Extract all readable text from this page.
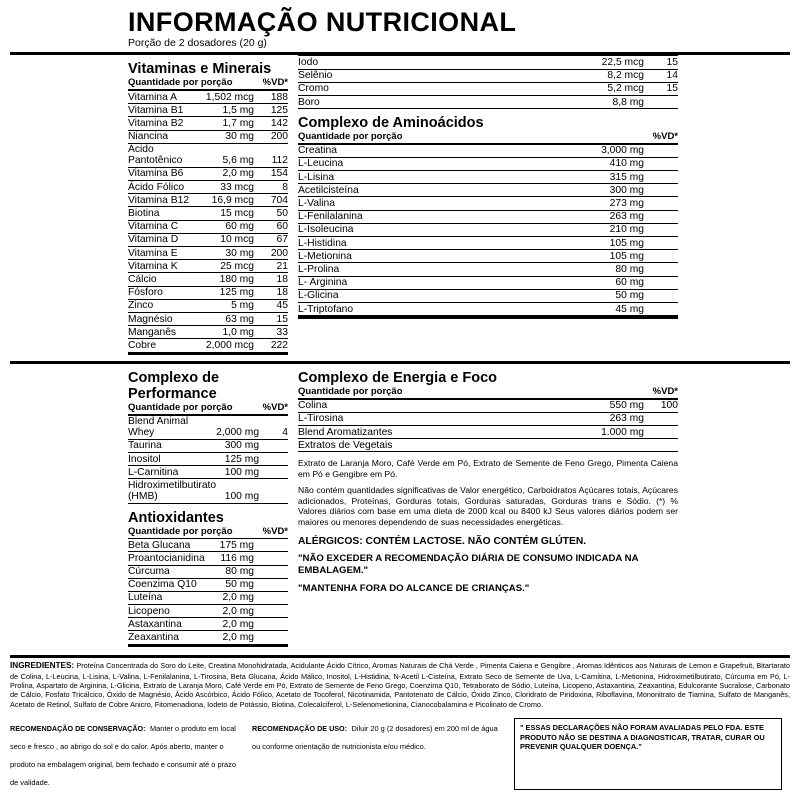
INFORMAÇÃO NUTRICIONAL
Porção de 2 dosadores (20 g)
Vitaminas e Minerais
Quantidade por porção	%VD*
Vitamina A	1,502 mcg	188
Vitamina B1	1,5 mg	125
Vitamina B2	1,7 mg	142
Niancina	30 mg	200
Ácido Pantotênico	5,6 mg	112
Vitamina B6	2,0 mg	154
Ácido Fólico	33 mcg	8
Vitamina B12	16,9 mcg	704
Biotina	15 mcg	50
Vitamina C	60 mg	60
Vitamina D	10 mcg	67
Vitamina E	30 mg	200
Vitamina K	25 mcg	21
Cálcio	180 mg	18
Fósforo	125 mg	18
Zinco	5 mg	45
Magnésio	63 mg	15
Manganês	1,0 mg	33
Cobre	2,000 mcg	222
Iodo	22,5 mcg	15
Selênio	8,2 mcg	14
Cromo	5,2 mcg	15
Boro	8,8 mg	
Complexo de Aminoácidos
Quantidade por porção	%VD*
Creatina	3,000 mg	
L-Leucina	410 mg	
L-Lisina	315 mg	
Acetilcisteína	300 mg	
L-Valina	273 mg	
L-Fenilalanina	263 mg	
L-Isoleucina	210 mg	
L-Histidina	105 mg	
L-Metionina	105 mg	
L-Prolina	80 mg	
L- Arginina	60 mg	
L-Glicina	50 mg	
L-Triptofano	45 mg	
Complexo de Performance
Quantidade por porção	%VD*
Blend Animal Whey	2,000 mg	4
Taurina	300 mg	
Inositol	125 mg	
L-Carnitina	100 mg	
Hidroximetilbutirato (HMB)	100 mg	
Antioxidantes
Quantidade por porção	%VD*
Beta Glucana	175 mg	
Proantocianidina	116 mg	
Cúrcuma	80 mg	
Coenzima Q10	50 mg	
Luteína	2,0 mg	
Licopeno	2,0 mg	
Astaxantina	2,0 mg	
Zeaxantina	2,0 mg	
Complexo de Energia e Foco
Quantidade por porção	%VD*
Colina	550 mg	100
L-Tirosina	263 mg	
Blend Aromatizantes	1.000 mg	
Extratos de Vegetais		
Extrato de Laranja Moro, Café Verde em Pó, Extrato de Semente de Feno Grego, Pimenta Caiena em Pó e Gengibre em Pó.
Não contém quantidades significativas de Valor energético, Carboidratos Açúcares totais, Açúcares adicionados, Proteínas, Gorduras totais, Gorduras saturadas, Gorduras trans e Sódio. (*) % Valores diários com base em uma dieta de 2000 kcal ou 8400 kJ Seus valores diários podem ser maiores ou menores dependendo de suas necessidades energéticas.
ALÉRGICOS: CONTÉM LACTOSE. NÃO CONTÉM GLÚTEN.
"NÃO EXCEDER A RECOMENDAÇÃO DIÁRIA DE CONSUMO INDICADA NA EMBALAGEM."
"MANTENHA FORA DO ALCANCE DE CRIANÇAS."
INGREDIENTES: Proteína Concentrada do Soro do Leite, Creatina Monohidratada, Acidulante Ácido Cítrico, Aromas Naturais de Chá Verde , Pimenta Caiena e Gengibre , Aromas Idênticos aos Naturais de Lemon e Grapefruit, Bitartarato de Colina, L-Leucina, L-Lisina, L-Valina, L-Fenilalanina, L-Tirosina, Beta Glucana, Ácido Málico, Inositol, L-Histidina, N-Acetil L-Cisteína, Extrato Seco de Semente de Uva, L-Carnitina, L-Metionina, Hidroximetilbutirato, Cúrcuma em Pó, L-Prolina, Aspartato de Arginina, L-Glicina, Extrato de Laranja Moro, Café Verde em Pó, Extrato de Semente de Feno Grego, Coenzima Q10, Tetraborato de Sódio, Luteína, Licopeno, Astaxantina, Zeaxantina, Edulcorante Sucralose, Carbonato de Cálcio, Fosfato Tricálcico, Óxido de Magnésio, Ácido Ascórbico, Ácido Fólico, Acetato de Tocoferol, Nicotinamida, Pantotenato de Cálcio, Óxido Zinco, Cloridrato de Piridoxina, Riboflavina, Mononitrato de Tiamina, Sulfato de Manganês, Acetato de Retinol, Sulfato de Cobre Anicro, Fitomenadiona, Iodeto de Potássio, Biotina, Colecalciferol, L-Selenometionina, Cianocobalamina e Picolinato de Cromo.
RECOMENDAÇÃO DE CONSERVAÇÃO: Manter o produto em local seco e fresco , ao abrigo do sol e do calor. Após aberto, manter o produto na embalagem original, bem fechado e consumir até o prazo de validade.
RECOMENDAÇÃO DE USO: Diluir 20 g (2 dosadores) em 200 ml de água ou conforme orientação de nutricionista e/ou médico.
" ESSAS DECLARAÇÕES NÃO FORAM AVALIADAS PELO FDA. ESTE PRODUTO NÃO SE DESTINA A DIAGNOSTICAR, TRATAR, CURAR OU PREVENIR QUALQUER DOENÇA."
